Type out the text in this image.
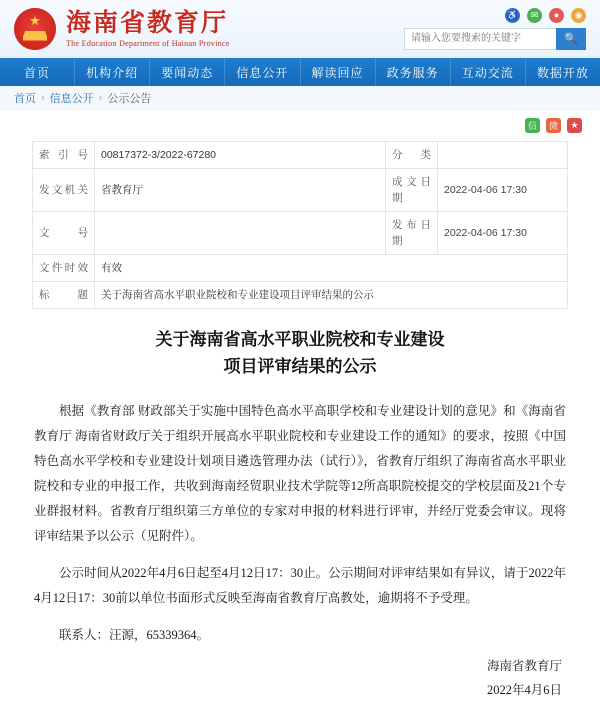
★
海南省教育厅
The Education Department of Hainan Province
♿	✉	●	◉
请输入您要搜索的关键字
🔍
首页	机构介绍	要闻动态	信息公开	解读回应	政务服务	互动交流	数据开放
首页 › 信息公开 › 公示公告
信	微	★
索引号	00817372-3/2022-67280	分　类	
发文机关	省教育厅	成文日期	2022-04-06 17:30
文　号		发布日期	2022-04-06 17:30
文件时效	有效		
标题	关于海南省高水平职业院校和专业建设项目评审结果的公示		
关于海南省高水平职业院校和专业建设
项目评审结果的公示

根据《教育部 财政部关于实施中国特色高水平高职学校和专业建设计划的意见》和《海南省教育厅 海南省财政厅关于组织开展高水平职业院校和专业建设工作的通知》的要求，按照《中国特色高水平学校和专业建设计划项目遴选管理办法（试行）》，省教育厅组织了海南省高水平职业院校和专业的申报工作，共收到海南经贸职业技术学院等12所高职院校提交的学校层面及21个专业群报材料。省教育厅组织第三方单位的专家对申报的材料进行评审，并经厅党委会审议。现将评审结果予以公示（见附件）。

公示时间从2022年4月6日起至4月12日17：30止。公示期间对评审结果如有异议，请于2022年4月12日17：30前以单位书面形式反映至海南省教育厅高教处，逾期将不予受理。

联系人：汪源，65339364。
海南省教育厅
2022年4月6日
